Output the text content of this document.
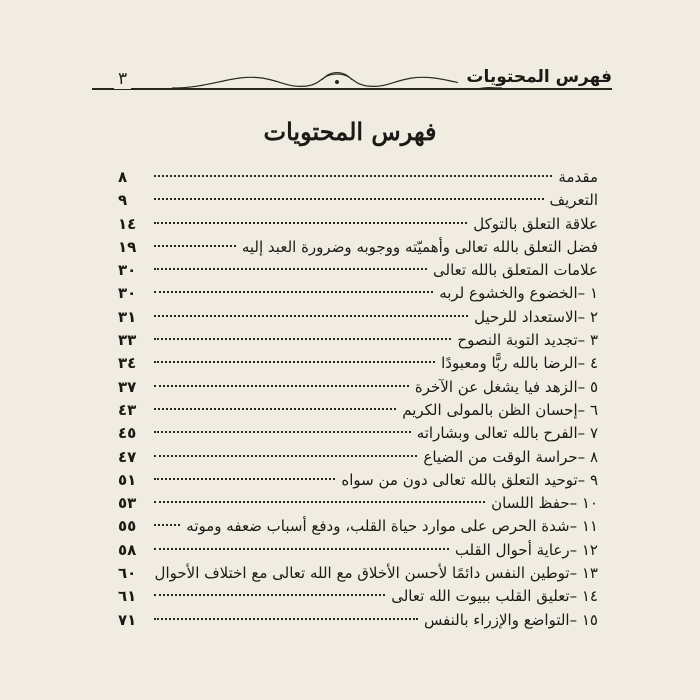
٣	فهرس المحتويات
فهرس المحتويات
مقدمة
٨
التعريف
٩
علاقة التعلق بالتوكل
١٤
فضل التعلق بالله تعالى وأهميّته ووجوبه وضرورة العبد إليه
١٩
علامات المتعلق بالله تعالى
٣٠
١ –الخضوع والخشوع لربه
٣٠
٢ –الاستعداد للرحيل
٣١
٣ –تجديد التوبة النصوح
٣٣
٤ –الرضا بالله ربًّا ومعبودًا
٣٤
٥ –الزهد فيا يشغل عن الآخرة
٣٧
٦ –إحسان الظن بالمولى الكريم
٤٣
٧ –الفرح بالله تعالى وبشاراته
٤٥
٨ –حراسة الوقت من الضياع
٤٧
٩ –توحيد التعلق بالله تعالى دون من سواه
٥١
١٠ –حفظ اللسان
٥٣
١١ –شدة الحرص على موارد حياة القلب، ودفع أسباب ضعفه وموته
٥٥
١٢ –رعاية أحوال القلب
٥٨
١٣ –توطين النفس دائمًا لأحسن الأخلاق مع الله تعالى مع اختلاف الأحوال
٦٠
١٤ –تعليق القلب ببيوت الله تعالى
٦١
١٥ –التواضع والإزراء بالنفس
٧١
